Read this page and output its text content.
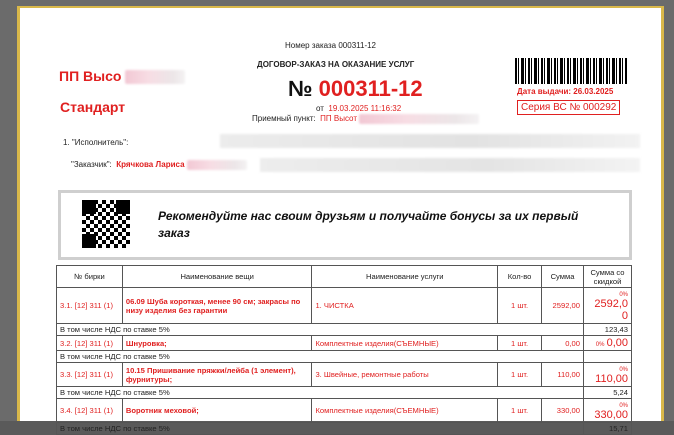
Номер заказа 000311-12
ДОГОВОР-ЗАКАЗ НА ОКАЗАНИЕ УСЛУГ
№ 000311-12
от 19.03.2025 11:16:32
Приемный пункт: ПП Высот
ПП Высо
Стандарт
Дата выдачи: 26.03.2025
Серия ВС № 000292
1. "Исполнитель":
"Заказчик": Крячкова Лариса
Рекомендуйте нас своим друзьям и получайте бонусы за их первый заказ
№ бирки	Наименование вещи	Наименование услуги	Кол-во	Сумма	Сумма со скидкой
3.1. [12] 311 (1)	06.09 Шуба короткая, менее 90 см; закрасы по низу изделия без гарантии	1. ЧИСТКА	1 шт.	2592,00	0% 2592,0 0
В том числе НДС по ставке 5%					123,43
3.2. [12] 311 (1)	Шнуровка;	Комплектные изделия(СЪЕМНЫЕ)	1 шт.	0,00	0% 0,00
В том числе НДС по ставке 5%					
3.3. [12] 311 (1)	10.15 Пришивание пряжки/лейба (1 элемент), фурнитуры;	3. Швейные, ремонтные работы	1 шт.	110,00	0% 110,00
В том числе НДС по ставке 5%					5,24
3.4. [12] 311 (1)	Воротник меховой;	Комплектные изделия(СЪЕМНЫЕ)	1 шт.	330,00	0% 330,00
В том числе НДС по ставке 5%					15,71
